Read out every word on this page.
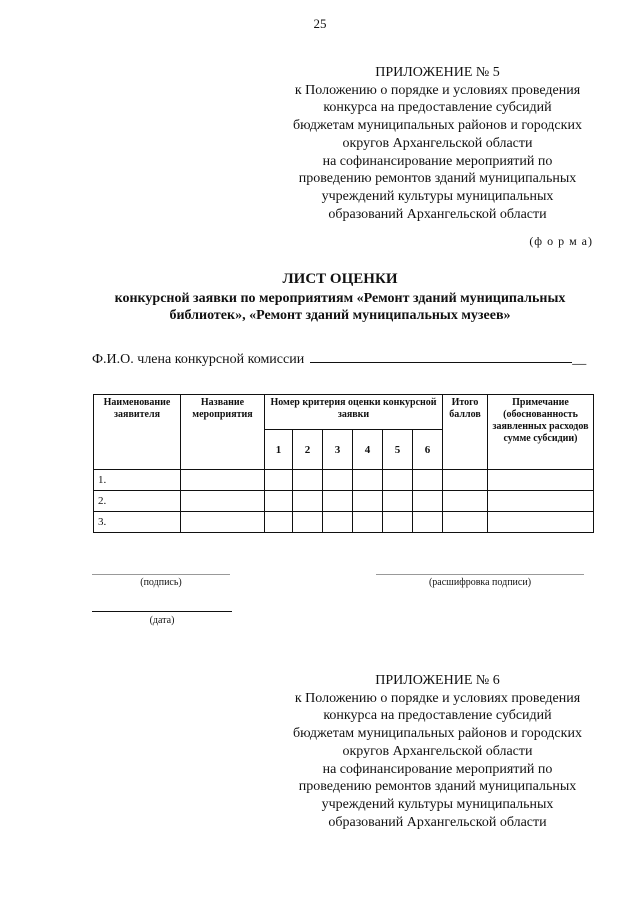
25
ПРИЛОЖЕНИЕ № 5
к Положению о порядке и условиях проведения
конкурса на предоставление субсидий
бюджетам муниципальных районов и городских
округов Архангельской области
на софинансирование мероприятий по
проведению ремонтов зданий муниципальных
учреждений культуры муниципальных
образований Архангельской области
(ф о р м а)
ЛИСТ ОЦЕНКИ
конкурсной заявки по мероприятиям «Ремонт зданий муниципальных
библиотек», «Ремонт зданий муниципальных музеев»
Ф.И.О. члена конкурсной комиссии	__
Наименование заявителя	Название мероприятия	Номер критерия оценки конкурсной заявки						Итого баллов	Примечание (обоснованность заявленных расходов сумме субсидии)
		1	2	3	4	5	6		
1.									
2.									
3.									
(подпись)	(расшифровка подписи)
(дата)
ПРИЛОЖЕНИЕ № 6
к Положению о порядке и условиях проведения
конкурса на предоставление субсидий
бюджетам муниципальных районов и городских
округов Архангельской области
на софинансирование мероприятий по
проведению ремонтов зданий муниципальных
учреждений культуры муниципальных
образований Архангельской области
